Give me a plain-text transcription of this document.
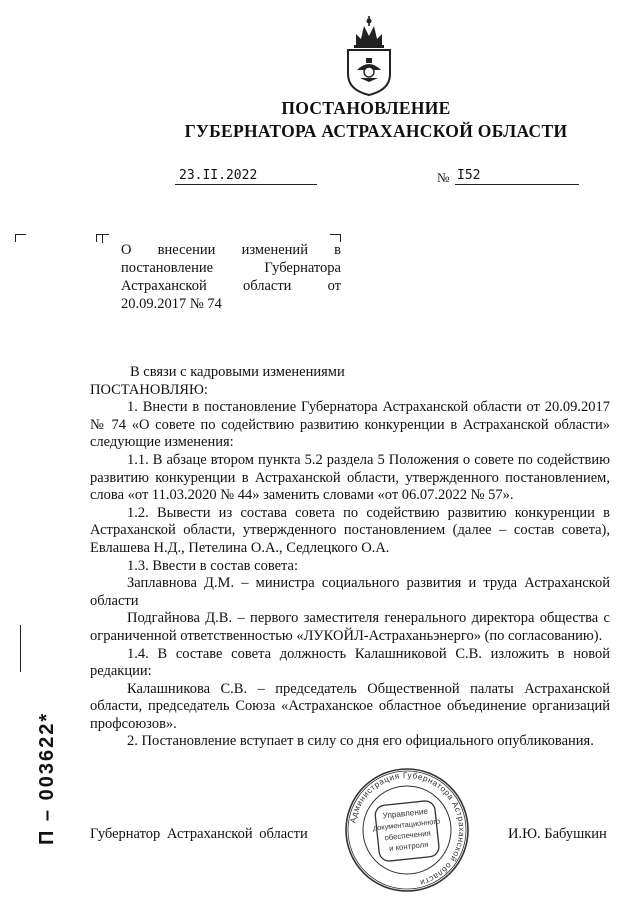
ПОСТАНОВЛЕНИЕ
ГУБЕРНАТОРА АСТРАХАНСКОЙ ОБЛАСТИ
23.II.2022	№ I52
О внесении изменений в постановление Губернатора Астраханской области от 20.09.2017 № 74

В связи с кадровыми изменениями

ПОСТАНОВЛЯЮ:

1. Внести в постановление Губернатора Астраханской области от 20.09.2017 № 74 «О совете по содействию развитию конкуренции в Астраханской области» следующие изменения:

1.1. В абзаце втором пункта 5.2 раздела 5 Положения о совете по содействию развитию конкуренции в Астраханской области, утвержденного постановлением, слова «от 11.03.2020 № 44» заменить словами «от 06.07.2022 № 57».

1.2. Вывести из состава совета по содействию развитию конкуренции в Астраханской области, утвержденного постановлением (далее – состав совета), Евлашева Н.Д., Петелина О.А., Седлецкого О.А.

1.3. Ввести в состав совета:

Заплавнова Д.М. – министра социального развития и труда Астраханской области

Подгайнова Д.В. – первого заместителя генерального директора общества с ограниченной ответственностью «ЛУКОЙЛ-Астраханьэнерго» (по согласованию).

1.4. В составе совета должность Калашниковой С.В. изложить в новой редакции:

Калашникова С.В. – председатель Общественной палаты Астраханской области, председатель Союза «Астраханское областное объединение организаций профсоюзов».

2. Постановление вступает в силу со дня его официального опубликования.

П – 003622* Губернатор Астраханской области	И.Ю. Бабушкин
Администрация Губернатора Астраханской области
Управление
документационного
обеспечения
и контроля
